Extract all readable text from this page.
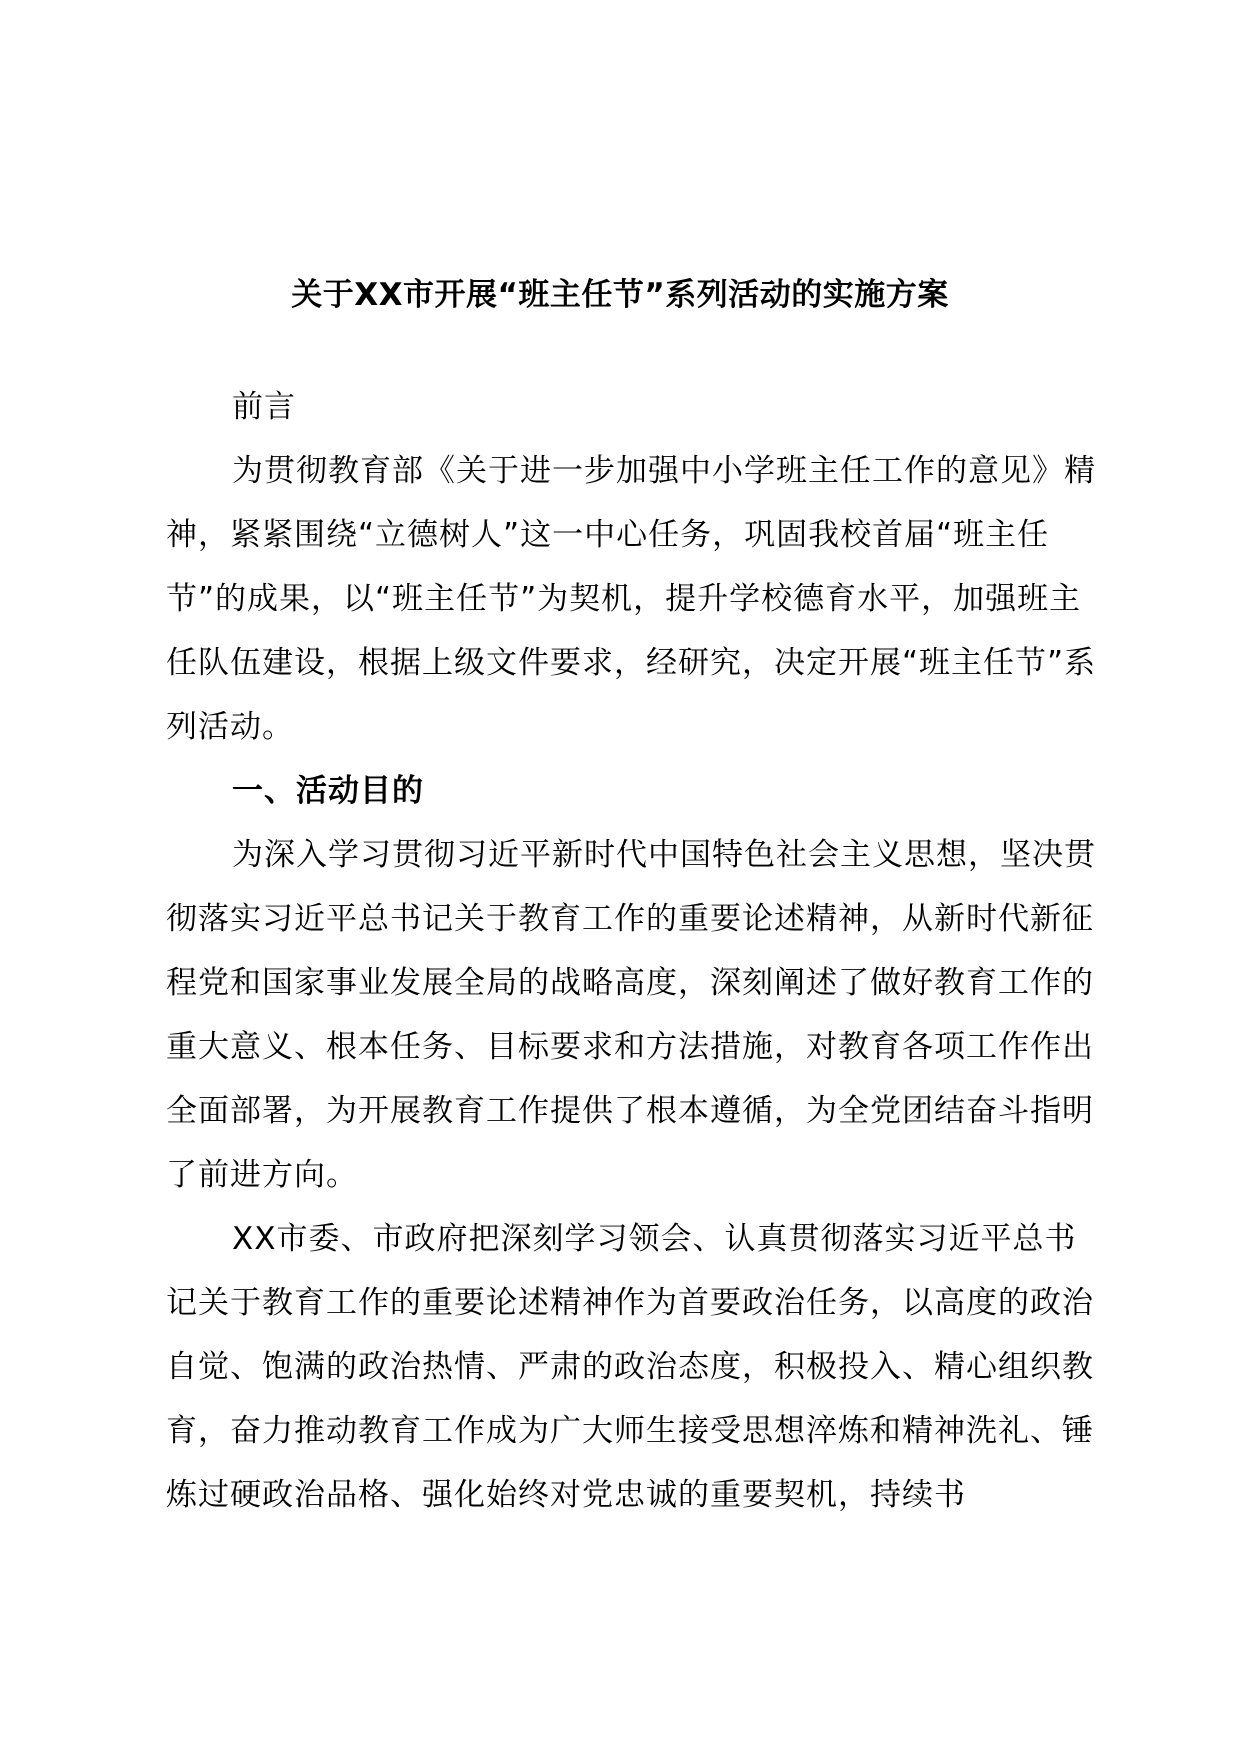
关于XX市开展“班主任节”系列活动的实施方案

前言

为贯彻教育部《关于进一步加强中小学班主任工作的意见》精神，紧紧围绕“立德树人”这一中心任务，巩固我校首届“班主任节”的成果，以“班主任节”为契机，提升学校德育水平，加强班主任队伍建设，根据上级文件要求，经研究，决定开展“班主任节”系列活动。

一、活动目的

为深入学习贯彻习近平新时代中国特色社会主义思想，坚决贯彻落实习近平总书记关于教育工作的重要论述精神，从新时代新征程党和国家事业发展全局的战略高度，深刻阐述了做好教育工作的重大意义、根本任务、目标要求和方法措施，对教育各项工作作出全面部署，为开展教育工作提供了根本遵循，为全党团结奋斗指明了前进方向。

XX市委、市政府把深刻学习领会、认真贯彻落实习近平总书记关于教育工作的重要论述精神作为首要政治任务，以高度的政治自觉、饱满的政治热情、严肃的政治态度，积极投入、精心组织教育，奋力推动教育工作成为广大师生接受思想淬炼和精神洗礼、锤炼过硬政治品格、强化始终对党忠诚的重要契机，持续书
